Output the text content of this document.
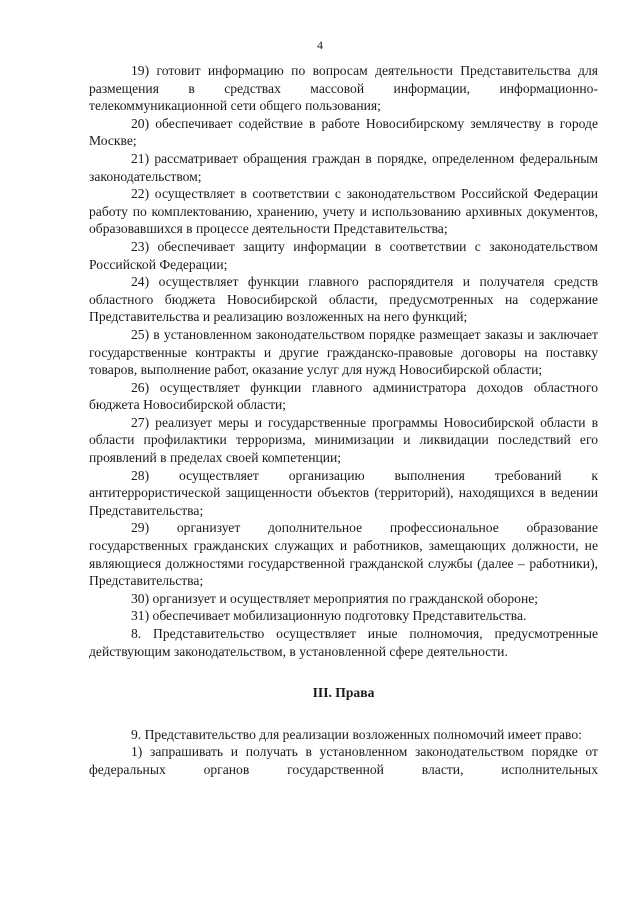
4

19) готовит информацию по вопросам деятельности Представительства для размещения в средствах массовой информации, информационно-телекоммуникационной сети общего пользования;

20) обеспечивает содействие в работе Новосибирскому землячеству в городе Москве;

21) рассматривает обращения граждан в порядке, определенном федеральным законодательством;

22) осуществляет в соответствии с законодательством Российской Федерации работу по комплектованию, хранению, учету и использованию архивных документов, образовавшихся в процессе деятельности Представительства;

23) обеспечивает защиту информации в соответствии с законодательством Российской Федерации;

24) осуществляет функции главного распорядителя и получателя средств областного бюджета Новосибирской области, предусмотренных на содержание Представительства и реализацию возложенных на него функций;

25) в установленном законодательством порядке размещает заказы и заключает государственные контракты и другие гражданско-правовые договоры на поставку товаров, выполнение работ, оказание услуг для нужд Новосибирской области;

26) осуществляет функции главного администратора доходов областного бюджета Новосибирской области;

27) реализует меры и государственные программы Новосибирской области в области профилактики терроризма, минимизации и ликвидации последствий его проявлений в пределах своей компетенции;

28) осуществляет организацию выполнения требований к антитеррористической защищенности объектов (территорий), находящихся в ведении Представительства;

29) организует дополнительное профессиональное образование государственных гражданских служащих и работников, замещающих должности, не являющиеся должностями государственной гражданской службы (далее – работники), Представительства;

30) организует и осуществляет мероприятия по гражданской обороне;

31) обеспечивает мобилизационную подготовку Представительства.

8. Представительство осуществляет иные полномочия, предусмотренные действующим законодательством, в установленной сфере деятельности.

III. Права

9. Представительство для реализации возложенных полномочий имеет право:

1) запрашивать и получать в установленном законодательством порядке от федеральных органов государственной власти, исполнительных
